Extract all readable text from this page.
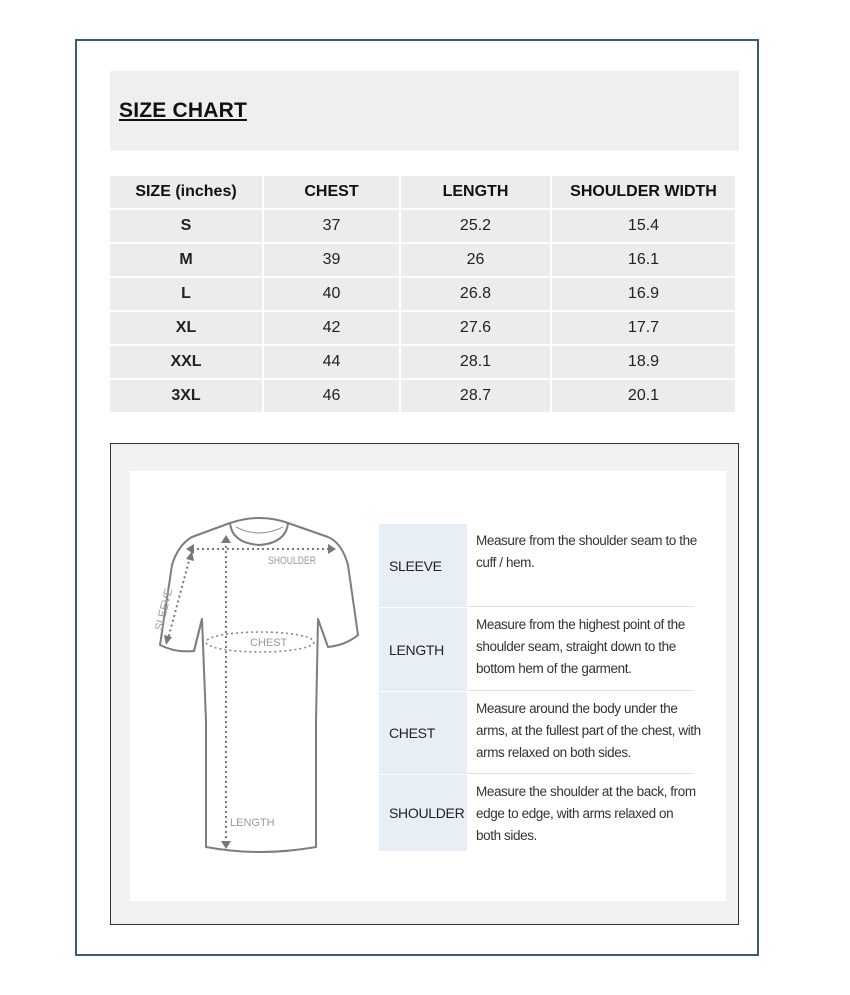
SIZE CHART
SIZE (inches)	CHEST	LENGTH	SHOULDER WIDTH
S	37	25.2	15.4
M	39	26	16.1
L	40	26.8	16.9
XL	42	27.6	17.7
XXL	44	28.1	18.9
3XL	46	28.7	20.1
SHOULDER
CHEST
SLEEVE
LENGTH
SLEEVE
Measure from the shoulder seam to the cuff / hem.
LENGTH
Measure from the highest point of the shoulder seam, straight down to the bottom hem of the garment.
CHEST
Measure around the body under the arms, at the fullest part of the chest, with arms relaxed on both sides.
SHOULDER
Measure the shoulder at the back, from edge to edge, with arms relaxed on both sides.
